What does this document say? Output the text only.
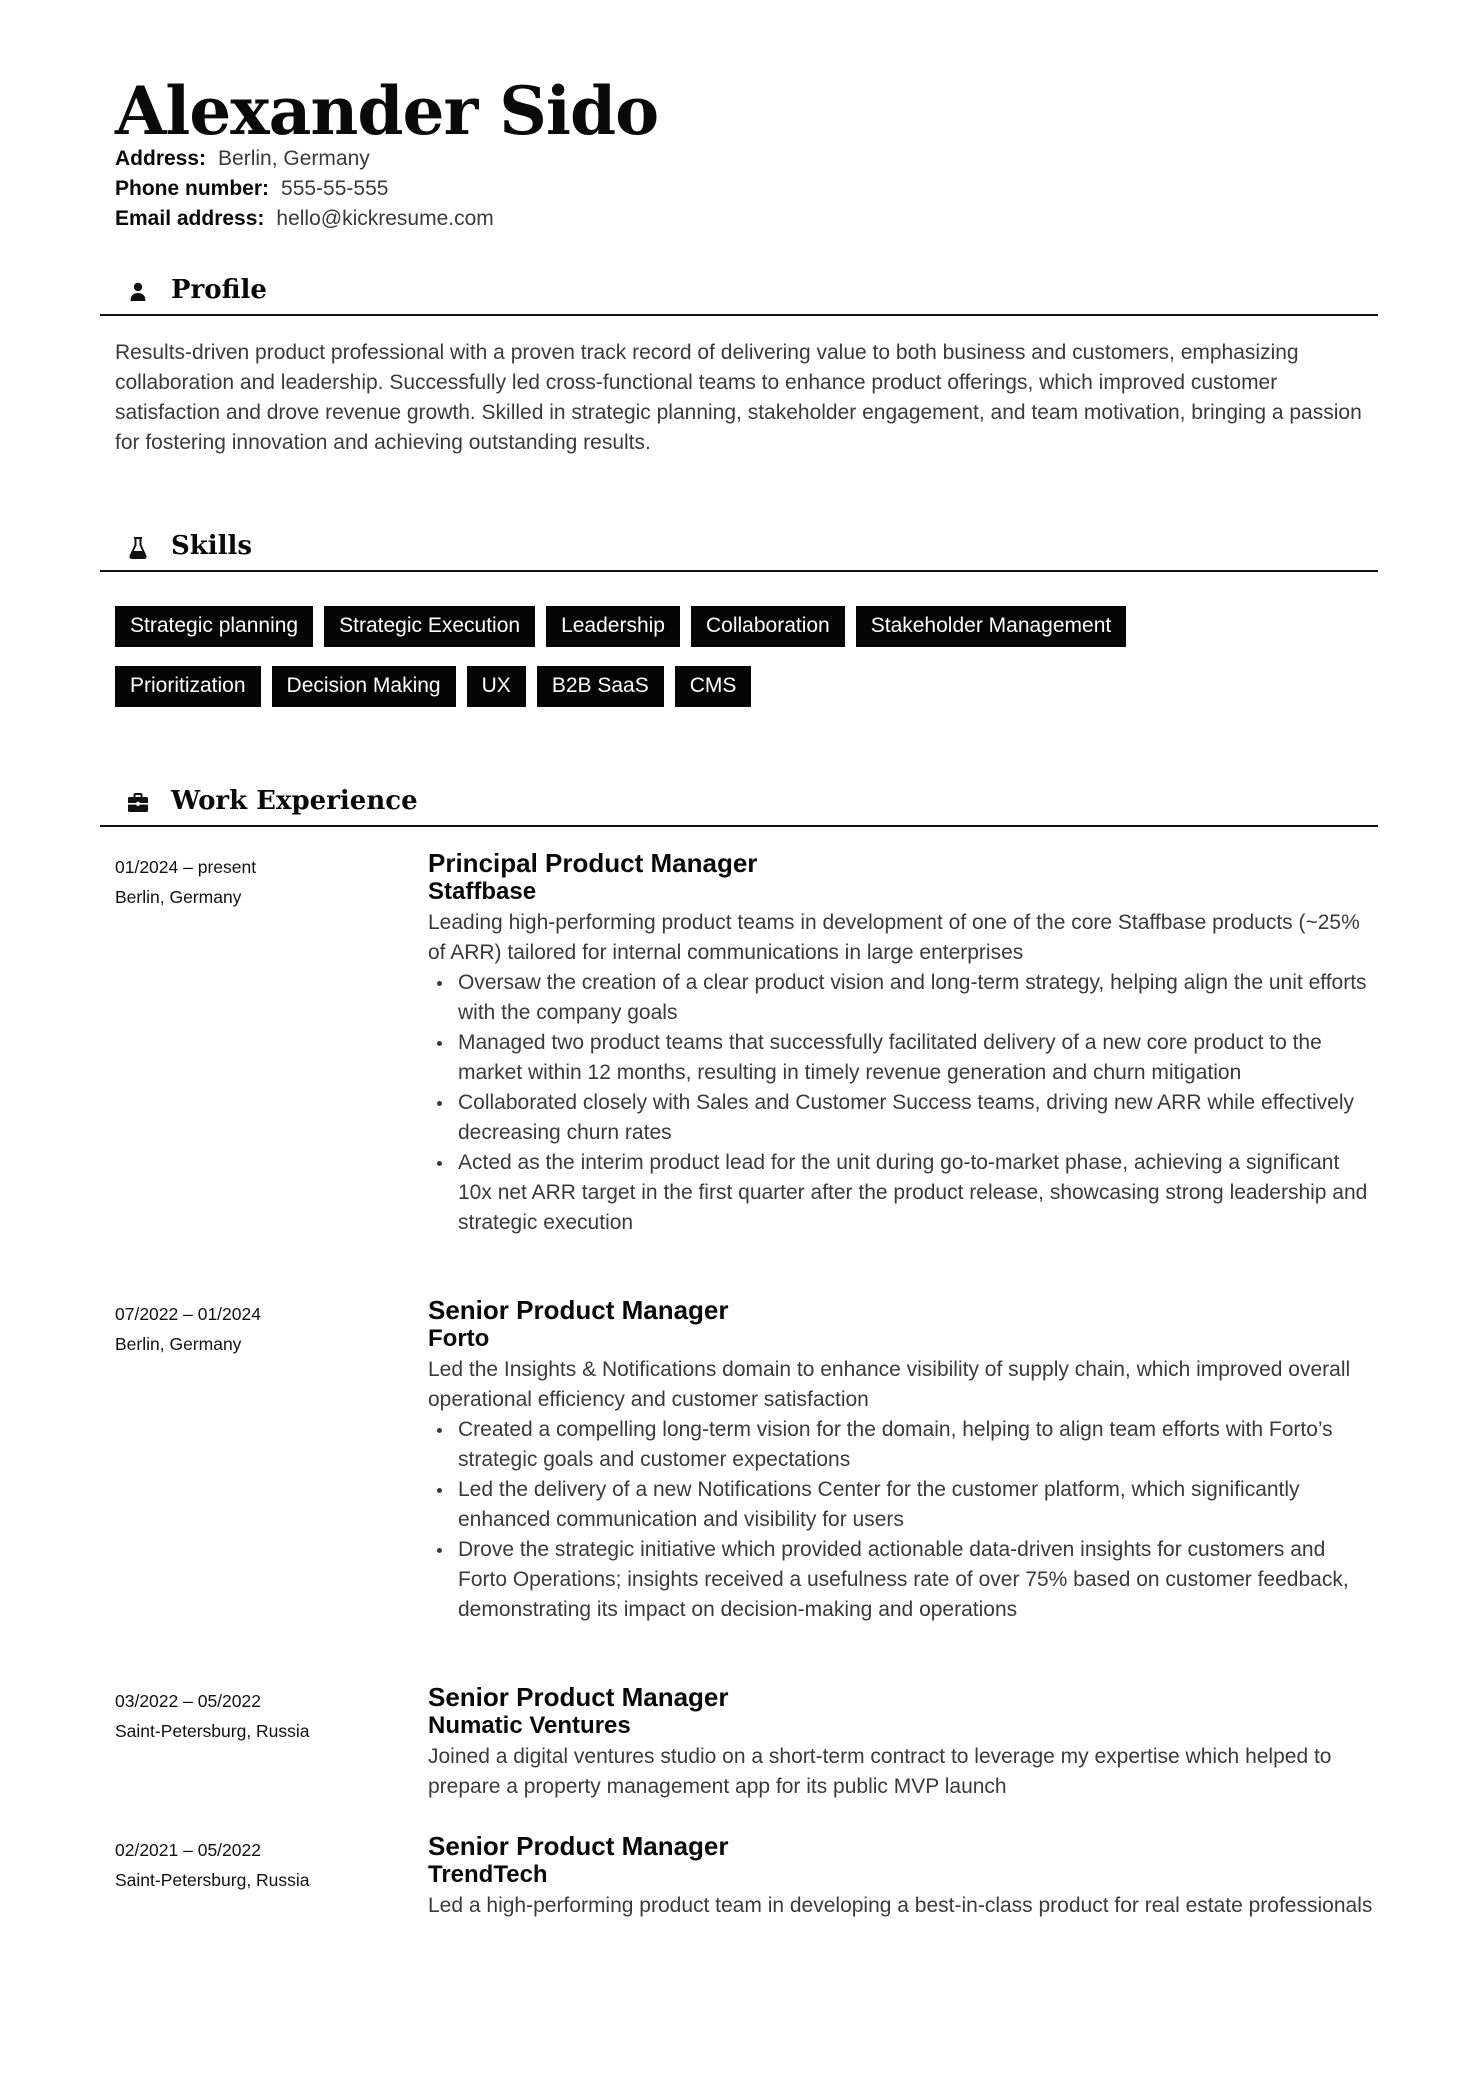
Alexander Sido
Address: Berlin, Germany
Phone number: 555-55-555
Email address: hello@kickresume.com
Profile

Results-driven product professional with a proven track record of delivering value to both business and customers, emphasizing collaboration and leadership. Successfully led cross-functional teams to enhance product offerings, which improved customer satisfaction and drove revenue growth. Skilled in strategic planning, stakeholder engagement, and team motivation, bringing a passion for fostering innovation and achieving outstanding results.

Skills
Strategic planning	Strategic Execution	Leadership	Collaboration	Stakeholder Management
Prioritization	Decision Making	UX	B2B SaaS	CMS
Work Experience
01/2024 – present
Berlin, Germany
Principal Product Manager
Staffbase

Leading high-performing product teams in development of one of the core Staffbase products (~25% of ARR) tailored for internal communications in large enterprises

Oversaw the creation of a clear product vision and long-term strategy, helping align the unit efforts with the company goals
Managed two product teams that successfully facilitated delivery of a new core product to the market within 12 months, resulting in timely revenue generation and churn mitigation
Collaborated closely with Sales and Customer Success teams, driving new ARR while effectively decreasing churn rates
Acted as the interim product lead for the unit during go-to-market phase, achieving a significant 10x net ARR target in the first quarter after the product release, showcasing strong leadership and strategic execution
07/2022 – 01/2024
Berlin, Germany
Senior Product Manager
Forto

Led the Insights & Notifications domain to enhance visibility of supply chain, which improved overall operational efficiency and customer satisfaction

Created a compelling long-term vision for the domain, helping to align team efforts with Forto’s strategic goals and customer expectations
Led the delivery of a new Notifications Center for the customer platform, which significantly enhanced communication and visibility for users
Drove the strategic initiative which provided actionable data-driven insights for customers and Forto Operations; insights received a usefulness rate of over 75% based on customer feedback, demonstrating its impact on decision-making and operations
03/2022 – 05/2022
Saint-Petersburg, Russia
Senior Product Manager
Numatic Ventures

Joined a digital ventures studio on a short-term contract to leverage my expertise which helped to prepare a property management app for its public MVP launch

02/2021 – 05/2022
Saint-Petersburg, Russia
Senior Product Manager
TrendTech

Led a high-performing product team in developing a best-in-class product for real estate professionals
